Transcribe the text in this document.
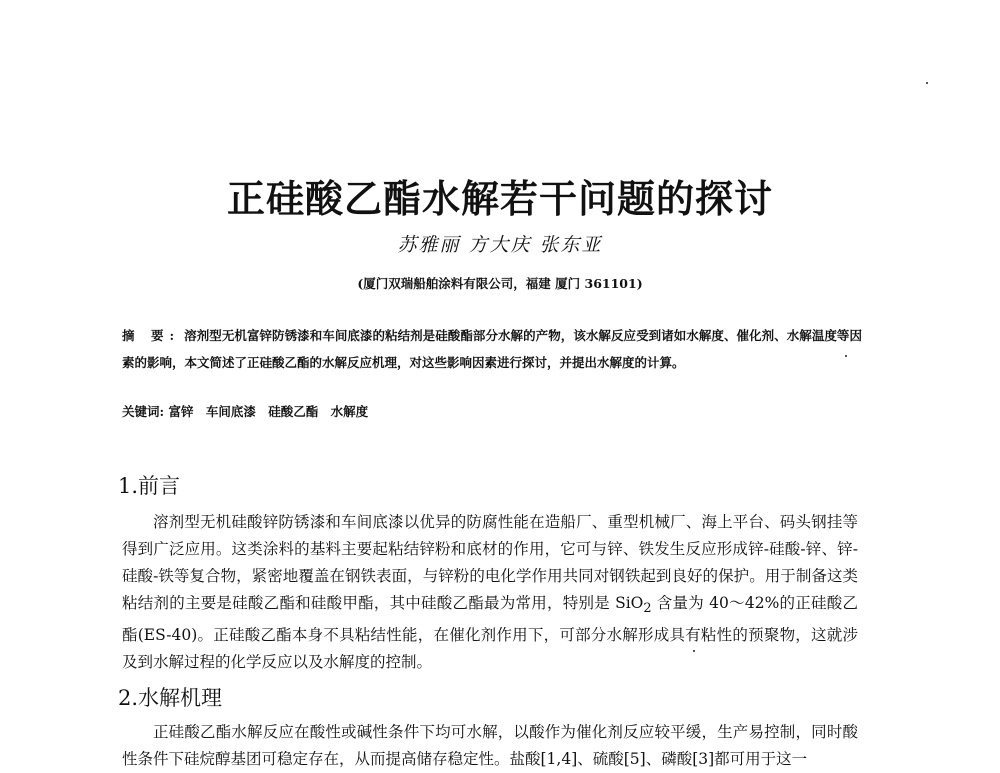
正硅酸乙酯水解若干问题的探讨
苏雅丽 方大庆 张东亚
(厦门双瑞船舶涂料有限公司，福建 厦门 361101)
摘 要: 溶剂型无机富锌防锈漆和车间底漆的粘结剂是硅酸酯部分水解的产物，该水解反应受到诸如水解度、催化剂、水解温度等因素的影响，本文简述了正硅酸乙酯的水解反应机理，对这些影响因素进行探讨，并提出水解度的计算。
关键词: 富锌 车间底漆 硅酸乙酯 水解度
1.前言
溶剂型无机硅酸锌防锈漆和车间底漆以优异的防腐性能在造船厂、重型机械厂、海上平台、码头钢挂等得到广泛应用。这类涂料的基料主要起粘结锌粉和底材的作用，它可与锌、铁发生反应形成锌-硅酸-锌、锌-硅酸-铁等复合物，紧密地覆盖在钢铁表面，与锌粉的电化学作用共同对钢铁起到良好的保护。用于制备这类粘结剂的主要是硅酸乙酯和硅酸甲酯，其中硅酸乙酯最为常用，特别是 SiO$_2$ 含量为 40～42%的正硅酸乙酯(ES-40)。正硅酸乙酯本身不具粘结性能，在催化剂作用下，可部分水解形成具有粘性的预聚物，这就涉及到水解过程的化学反应以及水解度的控制。
2.水解机理
正硅酸乙酯水解反应在酸性或碱性条件下均可水解，以酸作为催化剂反应较平缓，生产易控制，同时酸性条件下硅烷醇基团可稳定存在，从而提高储存稳定性。盐酸[1,4]、硫酸[5]、磷酸[3]都可用于这一
